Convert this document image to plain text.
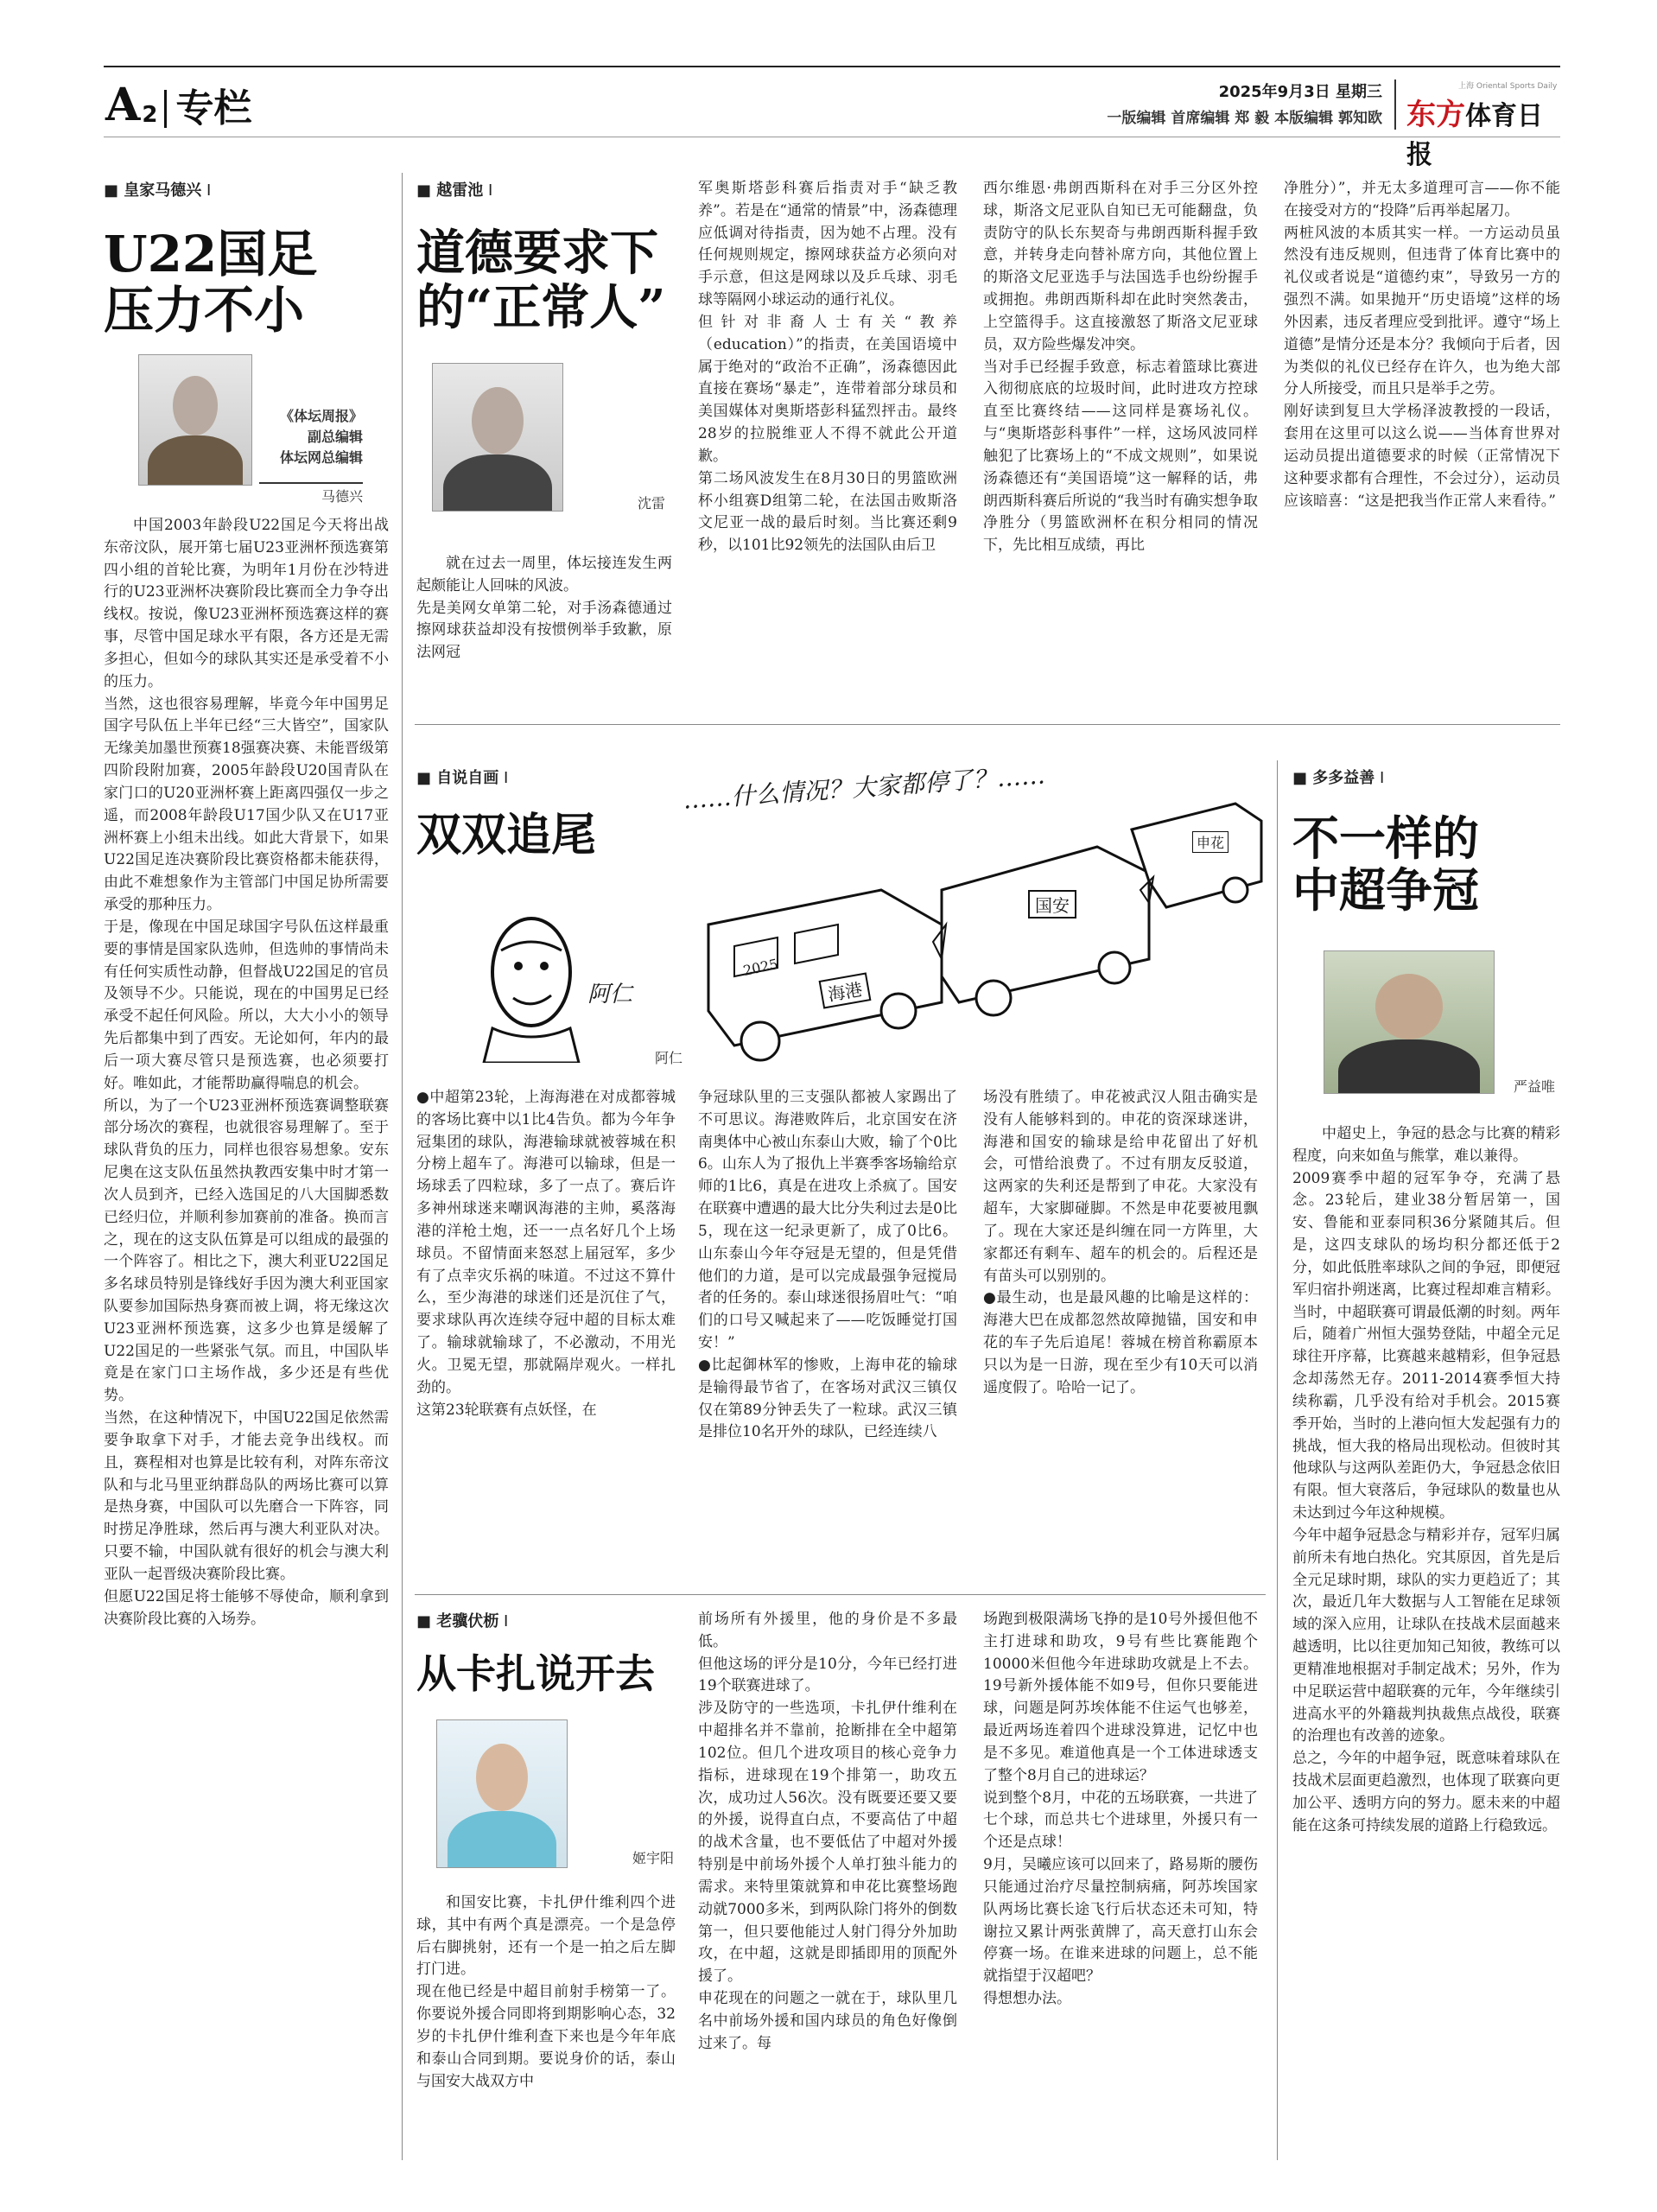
A 2 专栏	2025年9月3日 星期三
一版编辑 首席编辑 郑 毅 本版编辑 郭知欧
上海 Oriental Sports Daily
东方体育日报
■ 皇家马德兴 I
U22国足
压力不小
《体坛周报》
副总编辑
体坛网总编辑
马德兴
中国2003年龄段U22国足今天将出战东帝汶队，展开第七届U23亚洲杯预选赛第四小组的首轮比赛，为明年1月份在沙特进行的U23亚洲杯决赛阶段比赛而全力争夺出线权。按说，像U23亚洲杯预选赛这样的赛事，尽管中国足球水平有限，各方还是无需多担心，但如今的球队其实还是承受着不小的压力。
当然，这也很容易理解，毕竟今年中国男足国字号队伍上半年已经“三大皆空”，国家队无缘美加墨世预赛18强赛决赛、未能晋级第四阶段附加赛，2005年龄段U20国青队在家门口的U20亚洲杯赛上距离四强仅一步之遥，而2008年龄段U17国少队又在U17亚洲杯赛上小组未出线。如此大背景下，如果U22国足连决赛阶段比赛资格都未能获得，由此不难想象作为主管部门中国足协所需要承受的那种压力。
于是，像现在中国足球国字号队伍这样最重要的事情是国家队选帅，但选帅的事情尚未有任何实质性动静，但督战U22国足的官员及领导不少。只能说，现在的中国男足已经承受不起任何风险。所以，大大小小的领导先后都集中到了西安。无论如何，年内的最后一项大赛尽管只是预选赛，也必须要打好。唯如此，才能帮助赢得喘息的机会。
所以，为了一个U23亚洲杯预选赛调整联赛部分场次的赛程，也就很容易理解了。至于球队背负的压力，同样也很容易想象。安东尼奥在这支队伍虽然执教西安集中时才第一次人员到齐，已经入选国足的八大国脚悉数已经归位，并顺利参加赛前的准备。换而言之，现在的这支队伍算是可以组成的最强的一个阵容了。相比之下，澳大利亚U22国足多名球员特别是锋线好手因为澳大利亚国家队要参加国际热身赛而被上调，将无缘这次U23亚洲杯预选赛，这多少也算是缓解了U22国足的一些紧张气氛。而且，中国队毕竟是在家门口主场作战，多少还是有些优势。
当然，在这种情况下，中国U22国足依然需要争取拿下对手，才能去竞争出线权。而且，赛程相对也算是比较有利，对阵东帝汶队和与北马里亚纳群岛队的两场比赛可以算是热身赛，中国队可以先磨合一下阵容，同时捞足净胜球，然后再与澳大利亚队对决。只要不输，中国队就有很好的机会与澳大利亚队一起晋级决赛阶段比赛。
但愿U22国足将士能够不辱使命，顺利拿到决赛阶段比赛的入场券。
■ 越雷池 I
道德要求下
的“正常人”
沈雷
就在过去一周里，体坛接连发生两起颇能让人回味的风波。
先是美网女单第二轮，对手汤森德通过擦网球获益却没有按惯例举手致歉，原法网冠
军奥斯塔彭科赛后指责对手“缺乏教养”。若是在“通常的情景”中，汤森德理应低调对待指责，因为她不占理。没有任何规则规定，擦网球获益方必须向对手示意，但这是网球以及乒乓球、羽毛球等隔网小球运动的通行礼仪。
但针对非裔人士有关“教养（education）”的指责，在美国语境中属于绝对的“政治不正确”，汤森德因此直接在赛场“暴走”，连带着部分球员和美国媒体对奥斯塔彭科猛烈抨击。最终28岁的拉脱维亚人不得不就此公开道歉。
第二场风波发生在8月30日的男篮欧洲杯小组赛D组第二轮，在法国击败斯洛文尼亚一战的最后时刻。当比赛还剩9秒，以101比92领先的法国队由后卫
西尔维恩·弗朗西斯科在对手三分区外控球，斯洛文尼亚队自知已无可能翻盘，负责防守的队长东契奇与弗朗西斯科握手致意，并转身走向替补席方向，其他位置上的斯洛文尼亚选手与法国选手也纷纷握手或拥抱。弗朗西斯科却在此时突然袭击，上空篮得手。这直接激怒了斯洛文尼亚球员，双方险些爆发冲突。
当对手已经握手致意，标志着篮球比赛进入彻彻底底的垃圾时间，此时进攻方控球直至比赛终结——这同样是赛场礼仪。与“奥斯塔彭科事件”一样，这场风波同样触犯了比赛场上的“不成文规则”，如果说汤森德还有“美国语境”这一解释的话，弗朗西斯科赛后所说的“我当时有确实想争取净胜分（男篮欧洲杯在积分相同的情况下，先比相互成绩，再比
净胜分）”，并无太多道理可言——你不能在接受对方的“投降”后再举起屠刀。
两桩风波的本质其实一样。一方运动员虽然没有违反规则，但违背了体育比赛中的礼仪或者说是“道德约束”，导致另一方的强烈不满。如果抛开“历史语境”这样的场外因素，违反者理应受到批评。遵守“场上道德”是情分还是本分？我倾向于后者，因为类似的礼仪已经存在许久，也为绝大部分人所接受，而且只是举手之劳。
刚好读到复旦大学杨泽波教授的一段话，套用在这里可以这么说——当体育世界对运动员提出道德要求的时候（正常情况下这种要求都有合理性，不会过分），运动员应该暗喜：“这是把我当作正常人来看待。”
■ 自说自画 I
双双追尾
阿仁
阿仁
……什么情况？大家都停了？……
国安
海港
2025
申花
●中超第23轮，上海海港在对成都蓉城的客场比赛中以1比4告负。都为今年争冠集团的球队，海港输球就被蓉城在积分榜上超车了。海港可以输球，但是一场球丢了四粒球，多了一点了。赛后许多神州球迷来嘲讽海港的主帅，奚落海港的洋枪土炮，还一一点名好几个上场球员。不留情面来怒怼上届冠军，多少有了点幸灾乐祸的味道。不过这不算什么，至少海港的球迷们还是沉住了气，要求球队再次连续夺冠中超的目标太难了。输球就输球了，不必激动，不用光火。卫冕无望，那就隔岸观火。一样扎劲的。
这第23轮联赛有点妖怪，在
争冠球队里的三支强队都被人家踢出了不可思议。海港败阵后，北京国安在济南奥体中心被山东泰山大败，输了个0比6。山东人为了报仇上半赛季客场输给京师的1比6，真是在进攻上杀疯了。国安在联赛中遭遇的最大比分失利过去是0比5，现在这一纪录更新了，成了0比6。山东泰山今年夺冠是无望的，但是凭借他们的力道，是可以完成最强争冠搅局者的任务的。泰山球迷很扬眉吐气：“咱们的口号又喊起来了——吃饭睡觉打国安！”
●比起御林军的惨败，上海申花的输球是输得最节省了，在客场对武汉三镇仅仅在第89分钟丢失了一粒球。武汉三镇是排位10名开外的球队，已经连续八
场没有胜绩了。申花被武汉人阻击确实是没有人能够料到的。申花的资深球迷讲，海港和国安的输球是给申花留出了好机会，可惜给浪费了。不过有朋友反驳道，这两家的失利还是帮到了申花。大家没有超车，大家脚碰脚。不然是申花要被甩飘了。现在大家还是纠缠在同一方阵里，大家都还有剩车、超车的机会的。后程还是有苗头可以别别的。
●最生动，也是最风趣的比喻是这样的：海港大巴在成都忽然故障抛锚，国安和申花的车子先后追尾！蓉城在榜首称霸原本只以为是一日游，现在至少有10天可以消遥度假了。哈哈一记了。
■ 多多益善 I
不一样的
中超争冠
严益唯
中超史上，争冠的悬念与比赛的精彩程度，向来如鱼与熊掌，难以兼得。
2009赛季中超的冠军争夺，充满了悬念。23轮后，建业38分暂居第一，国安、鲁能和亚泰同积36分紧随其后。但是，这四支球队的场均积分都还低于2分，如此低胜率球队之间的争冠，即便冠军归宿扑朔迷离，比赛过程却难言精彩。当时，中超联赛可谓最低潮的时刻。两年后，随着广州恒大强势登陆，中超全元足球往开序幕，比赛越来越精彩，但争冠悬念却荡然无存。2011-2014赛季恒大持续称霸，几乎没有给对手机会。2015赛季开始，当时的上港向恒大发起强有力的挑战，恒大我的格局出现松动。但彼时其他球队与这两队差距仍大，争冠悬念依旧有限。恒大衰落后，争冠球队的数量也从未达到过今年这种规模。
今年中超争冠悬念与精彩并存，冠军归属前所未有地白热化。究其原因，首先是后全元足球时期，球队的实力更趋近了；其次，最近几年大数据与人工智能在足球领域的深入应用，让球队在技战术层面越来越透明，比以往更加知己知彼，教练可以更精准地根据对手制定战术；另外，作为中足联运营中超联赛的元年，今年继续引进高水平的外籍裁判执裁焦点战役，联赛的治理也有改善的迹象。
总之，今年的中超争冠，既意味着球队在技战术层面更趋激烈，也体现了联赛向更加公平、透明方向的努力。愿未来的中超能在这条可持续发展的道路上行稳致远。
■ 老骥伏枥 I
从卡扎说开去
姬宇阳
和国安比赛，卡扎伊什维利四个进球，其中有两个真是漂亮。一个是急停后右脚挑射，还有一个是一拍之后左脚打门进。
现在他已经是中超目前射手榜第一了。你要说外援合同即将到期影响心态，32岁的卡扎伊什维利查下来也是今年年底和泰山合同到期。要说身价的话，泰山与国安大战双方中
前场所有外援里，他的身价是不多最低。
但他这场的评分是10分，今年已经打进19个联赛进球了。
涉及防守的一些选项，卡扎伊什维利在中超排名并不靠前，抢断排在全中超第102位。但几个进攻项目的核心竞争力指标，进球现在19个排第一，助攻五次，成功过人56次。没有既要还要又要的外援，说得直白点，不要高估了中超的战术含量，也不要低估了中超对外援特别是中前场外援个人单打独斗能力的需求。来特里策就算和申花比赛整场跑动就7000多米，到两队除门将外的倒数第一，但只要他能过人射门得分外加助攻，在中超，这就是即插即用的顶配外援了。
申花现在的问题之一就在于，球队里几名中前场外援和国内球员的角色好像倒过来了。每
场跑到极限满场飞挣的是10号外援但他不主打进球和助攻，9号有些比赛能跑个10000米但他今年进球助攻就是上不去。19号新外援体能不如9号，但你只要能进球，问题是阿苏埃体能不住运气也够差，最近两场连着四个进球没算进，记忆中也是不多见。难道他真是一个工体进球透支了整个8月自己的进球运？
说到整个8月，中花的五场联赛，一共进了七个球，而总共七个进球里，外援只有一个还是点球！
9月，吴曦应该可以回来了，路易斯的腰伤只能通过治疗尽量控制病痛，阿苏埃国家队两场比赛长途飞行后状态还未可知，特谢拉又累计两张黄牌了，高天意打山东会停赛一场。在谁来进球的问题上，总不能就指望于汉超吧？
得想想办法。
